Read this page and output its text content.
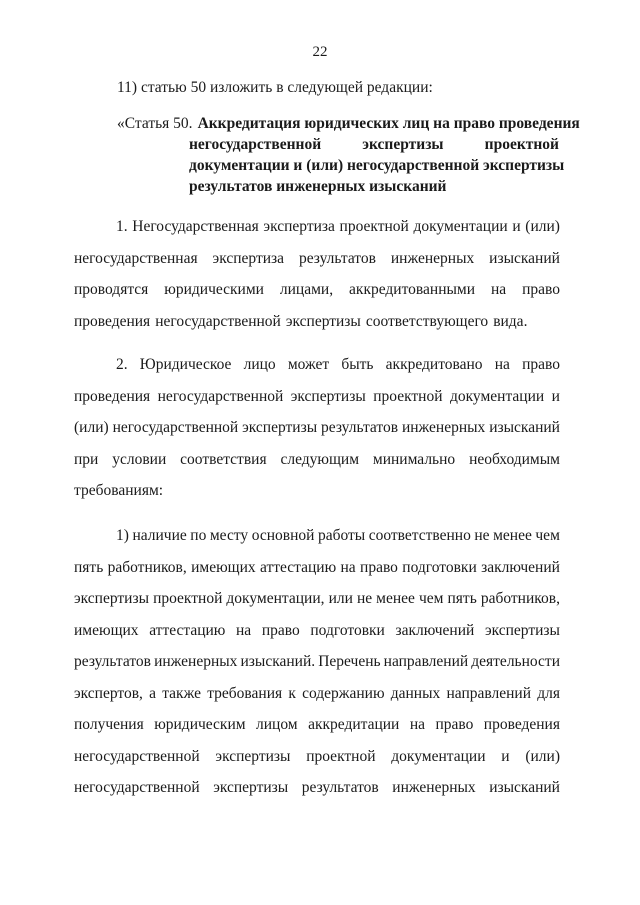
22
11) статью 50 изложить в следующей редакции:
«Статья 50. Аккредитация юридических лиц на право проведения
негосударственной	экспертизы	проектной
документации и (или) негосударственной экспертизы
результатов инженерных изысканий
1. Негосударственная экспертиза проектной документации и (или)
негосударственная экспертиза результатов инженерных изысканий
проводятся юридическими лицами, аккредитованными на право
проведения негосударственной экспертизы соответствующего вида.
2. Юридическое лицо может быть аккредитовано на право
проведения негосударственной экспертизы проектной документации и
(или) негосударственной экспертизы результатов инженерных изысканий
при условии соответствия следующим минимально необходимым
требованиям:
1) наличие по месту основной работы соответственно не менее чем
пять работников, имеющих аттестацию на право подготовки заключений
экспертизы проектной документации, или не менее чем пять работников,
имеющих аттестацию на право подготовки заключений экспертизы
результатов инженерных изысканий. Перечень направлений деятельности
экспертов, а также требования к содержанию данных направлений для
получения юридическим лицом аккредитации на право проведения
негосударственной экспертизы проектной документации и (или)
негосударственной экспертизы результатов инженерных изысканий
